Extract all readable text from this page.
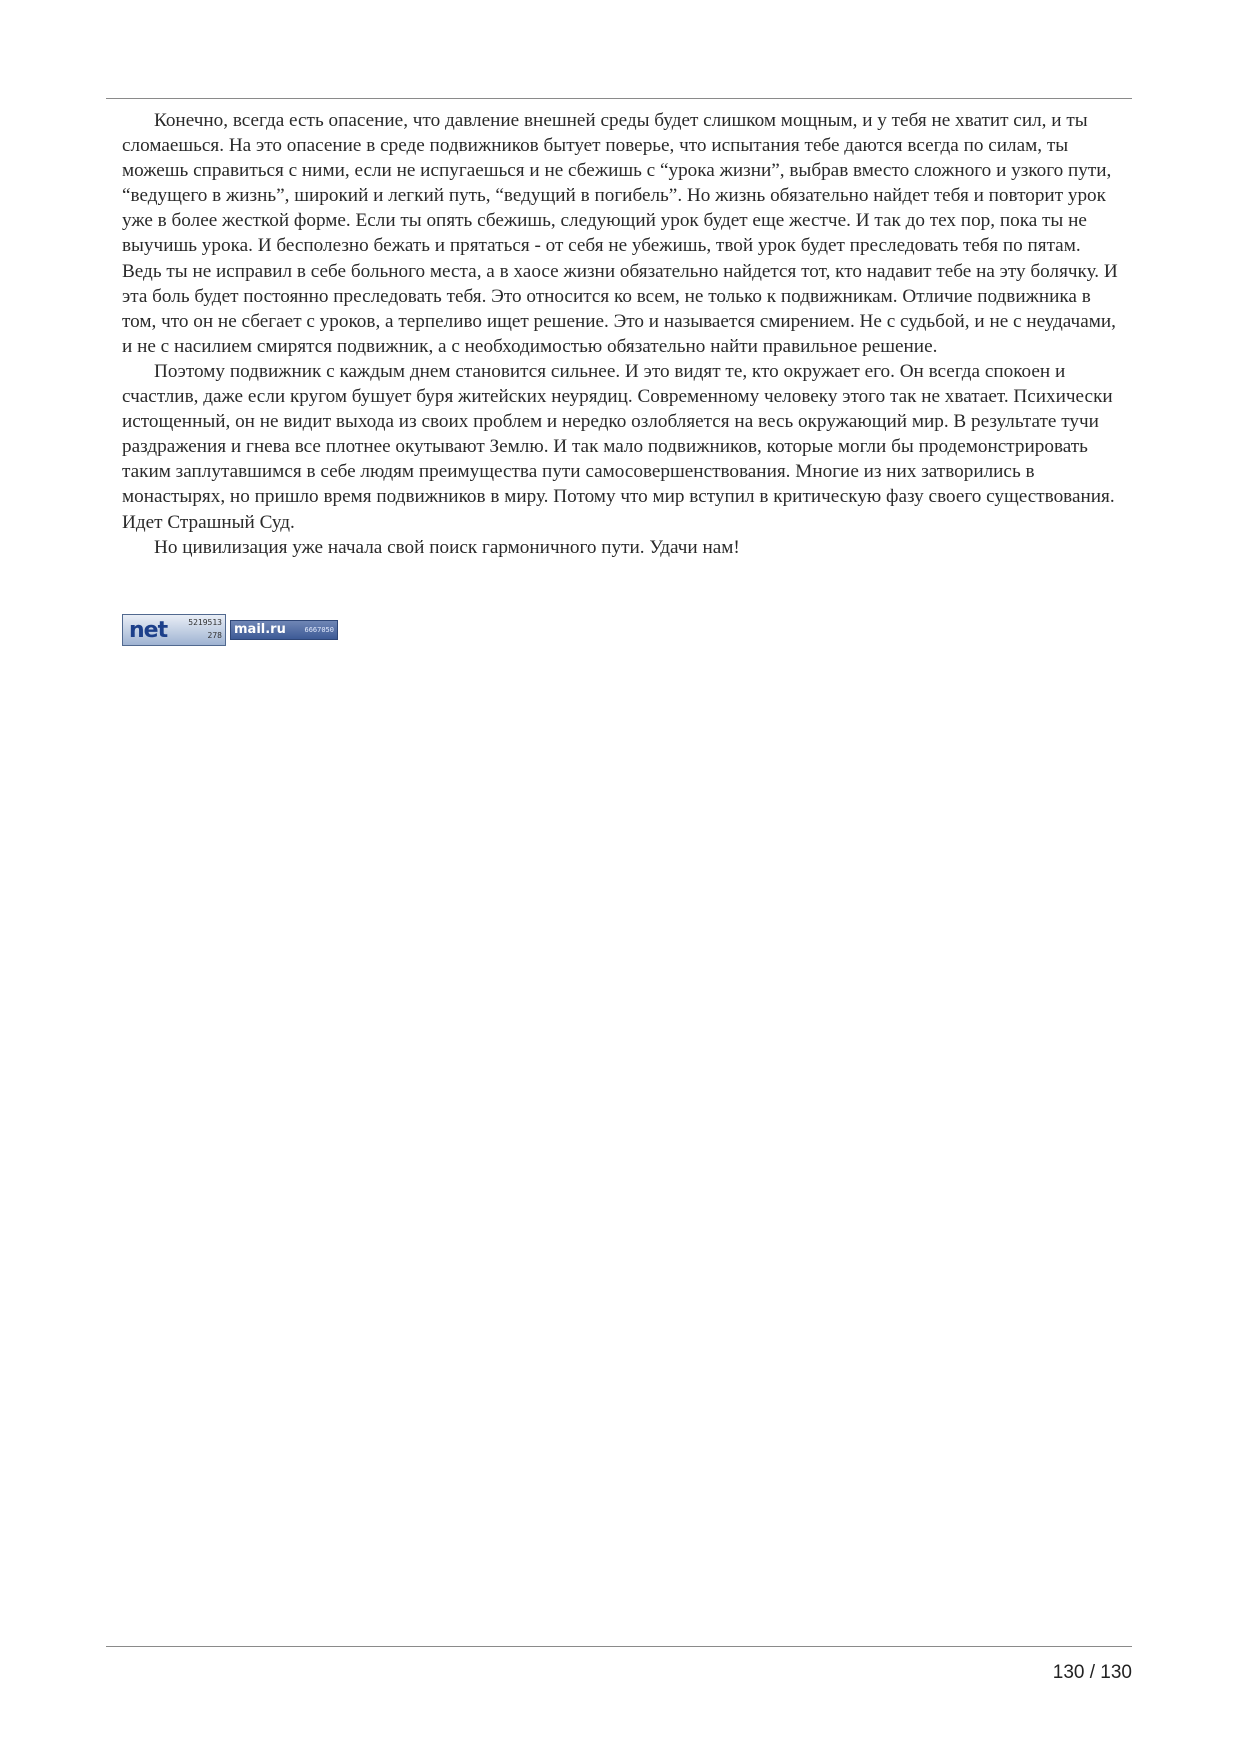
Конечно, всегда есть опасение, что давление внешней среды будет слишком мощным, и у тебя не хватит сил, и ты сломаешься. На это опасение в среде подвижников бытует поверье, что испытания тебе даются всегда по силам, ты можешь справиться с ними, если не испугаешься и не сбежишь с “урока жизни”, выбрав вместо сложного и узкого пути, “ведущего в жизнь”, широкий и легкий путь, “ведущий в погибель”. Но жизнь обязательно найдет тебя и повторит урок уже в более жесткой форме. Если ты опять сбежишь, следующий урок будет еще жестче. И так до тех пор, пока ты не выучишь урока. И бесполезно бежать и прятаться - от себя не убежишь, твой урок будет преследовать тебя по пятам. Ведь ты не исправил в себе больного места, а в хаосе жизни обязательно найдется тот, кто надавит тебе на эту болячку. И эта боль будет постоянно преследовать тебя. Это относится ко всем, не только к подвижникам. Отличие подвижника в том, что он не сбегает с уроков, а терпеливо ищет решение. Это и называется смирением. Не с судьбой, и не с неудачами, и не с насилием смирятся подвижник, а с необходимостью обязательно найти правильное решение.

Поэтому подвижник с каждым днем становится сильнее. И это видят те, кто окружает его. Он всегда спокоен и счастлив, даже если кругом бушует буря житейских неурядиц. Современному человеку этого так не хватает. Психически истощенный, он не видит выхода из своих проблем и нередко озлобляется на весь окружающий мир. В результате тучи раздражения и гнева все плотнее окутывают Землю. И так мало подвижников, которые могли бы продемонстрировать таким заплутавшимся в себе людям преимущества пути самосовершенствования. Многие из них затворились в монастырях, но пришло время подвижников в миру. Потому что мир вступил в критическую фазу своего существования. Идет Страшный Суд.

Но цивилизация уже начала свой поиск гармоничного пути. Удачи нам!

net	5219513
278 mail.ru	6667050
130 / 130
